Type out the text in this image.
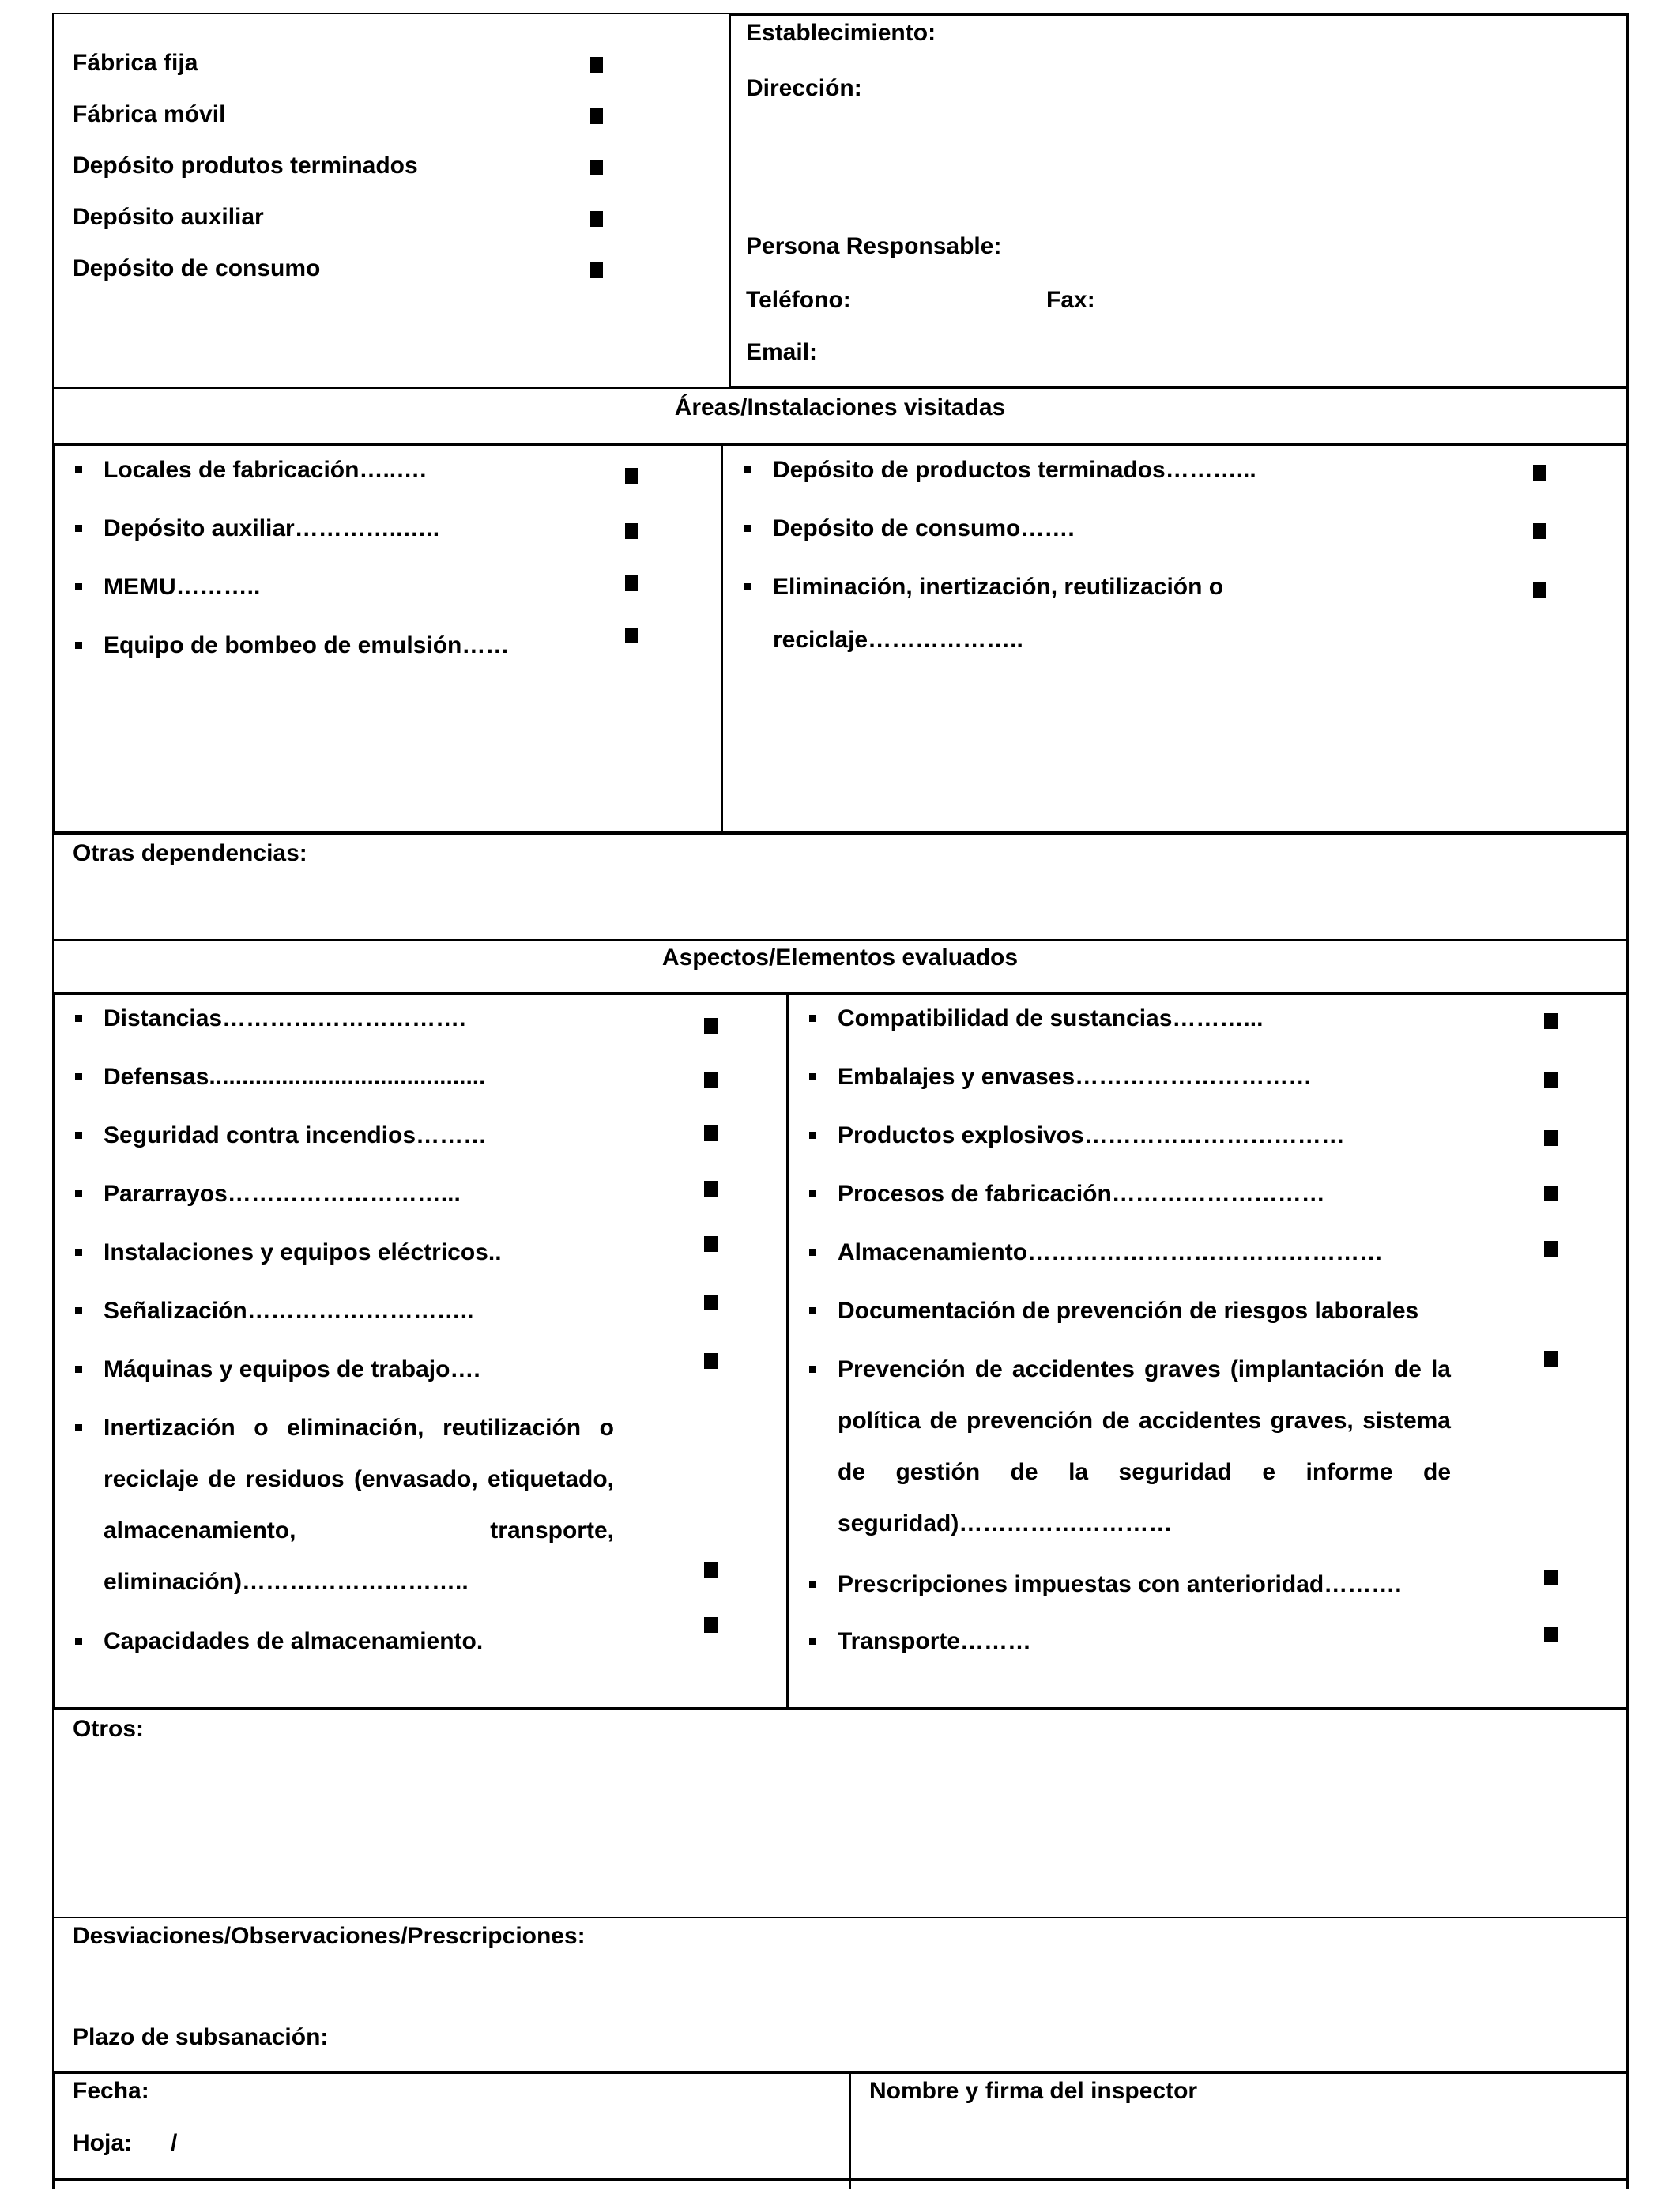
Fábrica fija
Fábrica móvil
Depósito produtos terminados
Depósito auxiliar
Depósito de consumo
Establecimiento:
Dirección:
Persona Responsable:
Teléfono:	Fax:
Email:
Áreas/Instalaciones visitadas
Locales de fabricación…..….
Depósito auxiliar…………..…..
MEMU………..
Equipo de bombeo de emulsión……
Depósito de productos terminados………...
Depósito de consumo…….
Eliminación, inertización, reutilización o
reciclaje………………..
Otras dependencias:
Aspectos/Elementos evaluados
Distancias………………………….
Defensas..........................................
Seguridad contra incendios………
Pararrayos………………………...
Instalaciones y equipos eléctricos..
Señalización………………………..
Máquinas y equipos de trabajo….
Inertización o eliminación, reutilización o
reciclaje de residuos (envasado, etiquetado,
almacenamiento, transporte,
eliminación)………………………..
Capacidades de almacenamiento.
Compatibilidad de sustancias………...
Embalajes y envases…………………………
Productos explosivos……………………………
Procesos de fabricación………………………
Almacenamiento………………………………………
Documentación de prevención de riesgos laborales
Prevención de accidentes graves (implantación de la
política de prevención de accidentes graves, sistema
de gestión de la seguridad e informe de
seguridad)………………………
Prescripciones impuestas con anterioridad……….
Transporte………
Otros:
Desviaciones/Observaciones/Prescripciones:
Plazo de subsanación:
Fecha:
Hoja: /
Nombre y firma del inspector
